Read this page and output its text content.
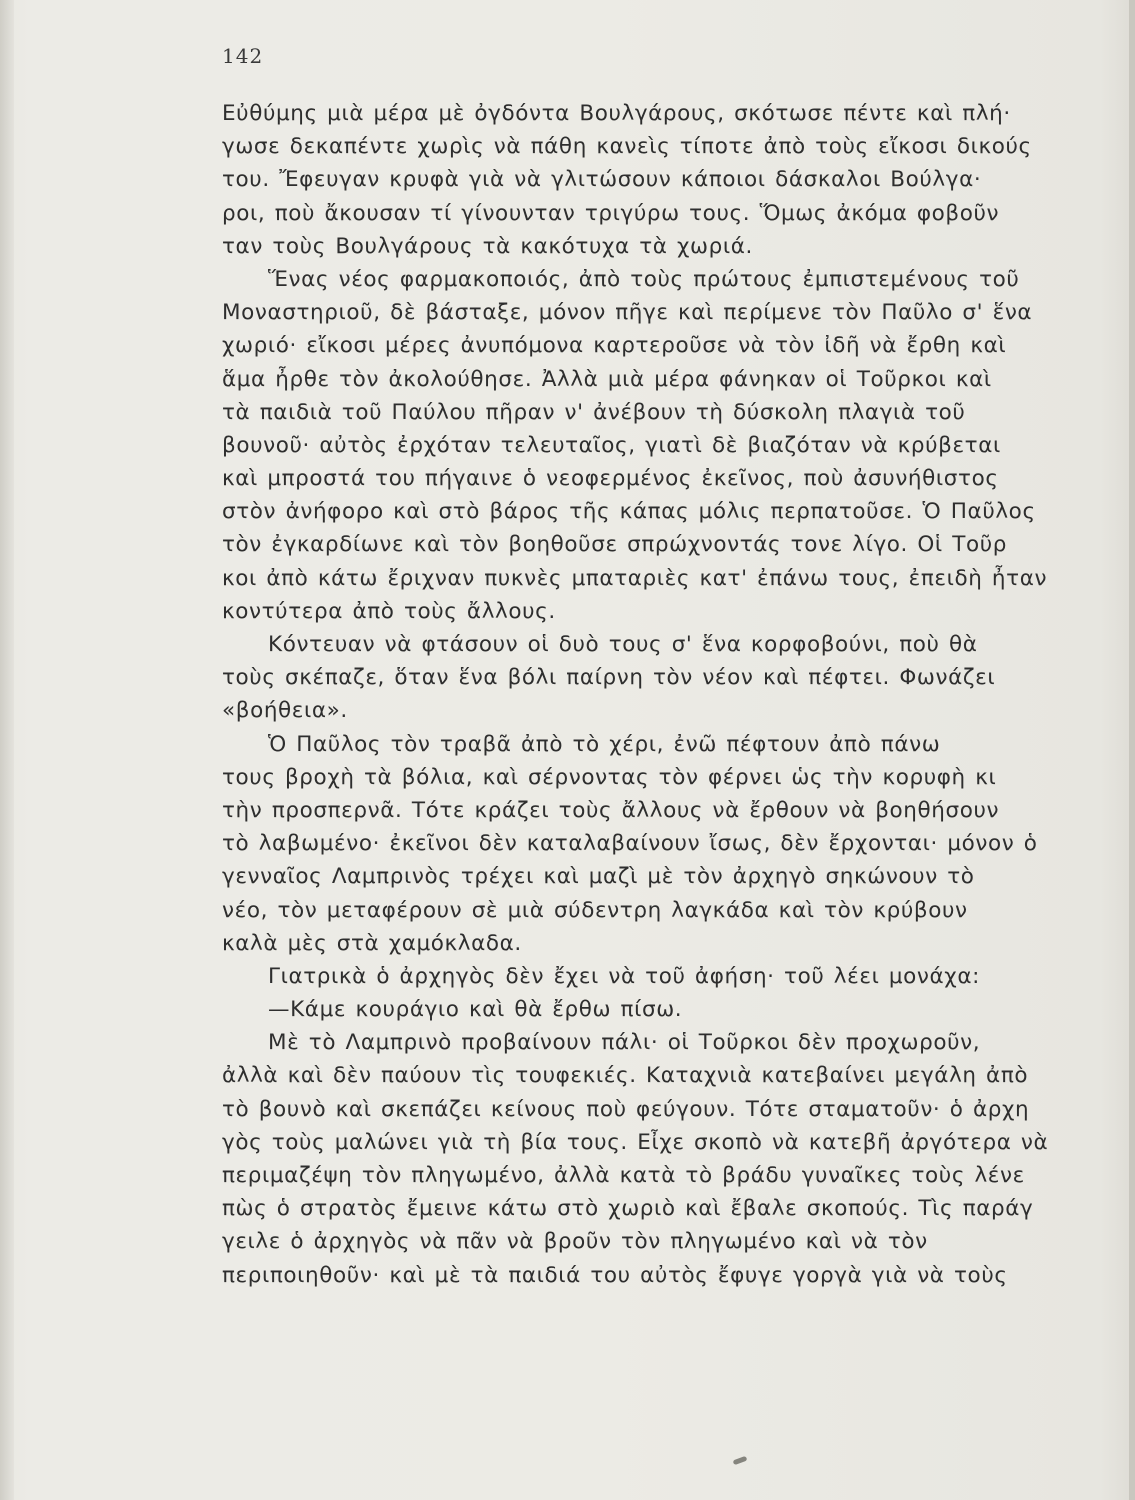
142
Εὐθύμης μιὰ μέρα μὲ ὀγδόντα Βουλγάρους, σκότωσε πέντε καὶ πλή·
γωσε δεκαπέντε χωρὶς νὰ πάθη κανεὶς τίποτε ἀπὸ τοὺς εἴκοσι δικούς
του. Ἔφευγαν κρυφὰ γιὰ νὰ γλιτώσουν κάποιοι δάσκαλοι Βούλγα·
ροι, ποὺ ἄκουσαν τί γίνουνταν τριγύρω τους. Ὅμως ἀκόμα φοβοῦν
ταν τοὺς Βουλγάρους τὰ κακότυχα τὰ χωριά.
Ἕνας νέος φαρμακοποιός, ἀπὸ τοὺς πρώτους ἐμπιστεμένους τοῦ
Μοναστηριοῦ, δὲ βάσταξε, μόνον πῆγε καὶ περίμενε τὸν Παῦλο σ' ἕνα
χωριό· εἴκοσι μέρες ἀνυπόμονα καρτεροῦσε νὰ τὸν ἰδῆ νὰ ἔρθη καὶ
ἅμα ἦρθε τὸν ἀκολούθησε. Ἀλλὰ μιὰ μέρα φάνηκαν οἱ Τοῦρκοι καὶ
τὰ παιδιὰ τοῦ Παύλου πῆραν ν' ἀνέβουν τὴ δύσκολη πλαγιὰ τοῦ
βουνοῦ· αὐτὸς ἐρχόταν τελευταῖος, γιατὶ δὲ βιαζόταν νὰ κρύβεται
καὶ μπροστά του πήγαινε ὁ νεοφερμένος ἐκεῖνος, ποὺ ἀσυνήθιστος
στὸν ἀνήφορο καὶ στὸ βάρος τῆς κάπας μόλις περπατοῦσε. Ὁ Παῦλος
τὸν ἐγκαρδίωνε καὶ τὸν βοηθοῦσε σπρώχνοντάς τονε λίγο. Οἱ Τοῦρ
κοι ἀπὸ κάτω ἔριχναν πυκνὲς μπαταριὲς κατ' ἐπάνω τους, ἐπειδὴ ἦταν
κοντύτερα ἀπὸ τοὺς ἄλλους.
Κόντευαν νὰ φτάσουν οἱ δυὸ τους σ' ἕνα κορφοβούνι, ποὺ θὰ
τοὺς σκέπαζε, ὅταν ἕνα βόλι παίρνη τὸν νέον καὶ πέφτει. Φωνάζει
«βοήθεια».
Ὁ Παῦλος τὸν τραβᾶ ἀπὸ τὸ χέρι, ἐνῶ πέφτουν ἀπὸ πάνω
τους βροχὴ τὰ βόλια, καὶ σέρνοντας τὸν φέρνει ὡς τὴν κορυφὴ κι
τὴν προσπερνᾶ. Τότε κράζει τοὺς ἄλλους νὰ ἔρθουν νὰ βοηθήσουν
τὸ λαβωμένο· ἐκεῖνοι δὲν καταλαβαίνουν ἴσως, δὲν ἔρχονται· μόνον ὁ
γενναῖος Λαμπρινὸς τρέχει καὶ μαζὶ μὲ τὸν ἀρχηγὸ σηκώνουν τὸ
νέο, τὸν μεταφέρουν σὲ μιὰ σύδεντρη λαγκάδα καὶ τὸν κρύβουν
καλὰ μὲς στὰ χαμόκλαδα.
Γιατρικὰ ὁ ἀρχηγὸς δὲν ἔχει νὰ τοῦ ἀφήση· τοῦ λέει μονάχα:
—Κάμε κουράγιο καὶ θὰ ἔρθω πίσω.
Μὲ τὸ Λαμπρινὸ προβαίνουν πάλι· οἱ Τοῦρκοι δὲν προχωροῦν,
ἀλλὰ καὶ δὲν παύουν τὶς τουφεκιές. Καταχνιὰ κατεβαίνει μεγάλη ἀπὸ
τὸ βουνὸ καὶ σκεπάζει κείνους ποὺ φεύγουν. Τότε σταματοῦν· ὁ ἀρχη
γὸς τοὺς μαλώνει γιὰ τὴ βία τους. Εἶχε σκοπὸ νὰ κατεβῆ ἀργότερα νὰ
περιμαζέψη τὸν πληγωμένο, ἀλλὰ κατὰ τὸ βράδυ γυναῖκες τοὺς λένε
πὼς ὁ στρατὸς ἔμεινε κάτω στὸ χωριὸ καὶ ἔβαλε σκοπούς. Τὶς παράγ
γειλε ὁ ἀρχηγὸς νὰ πᾶν νὰ βροῦν τὸν πληγωμένο καὶ νὰ τὸν
περιποιηθοῦν· καὶ μὲ τὰ παιδιά του αὐτὸς ἔφυγε γοργὰ γιὰ νὰ τοὺς
